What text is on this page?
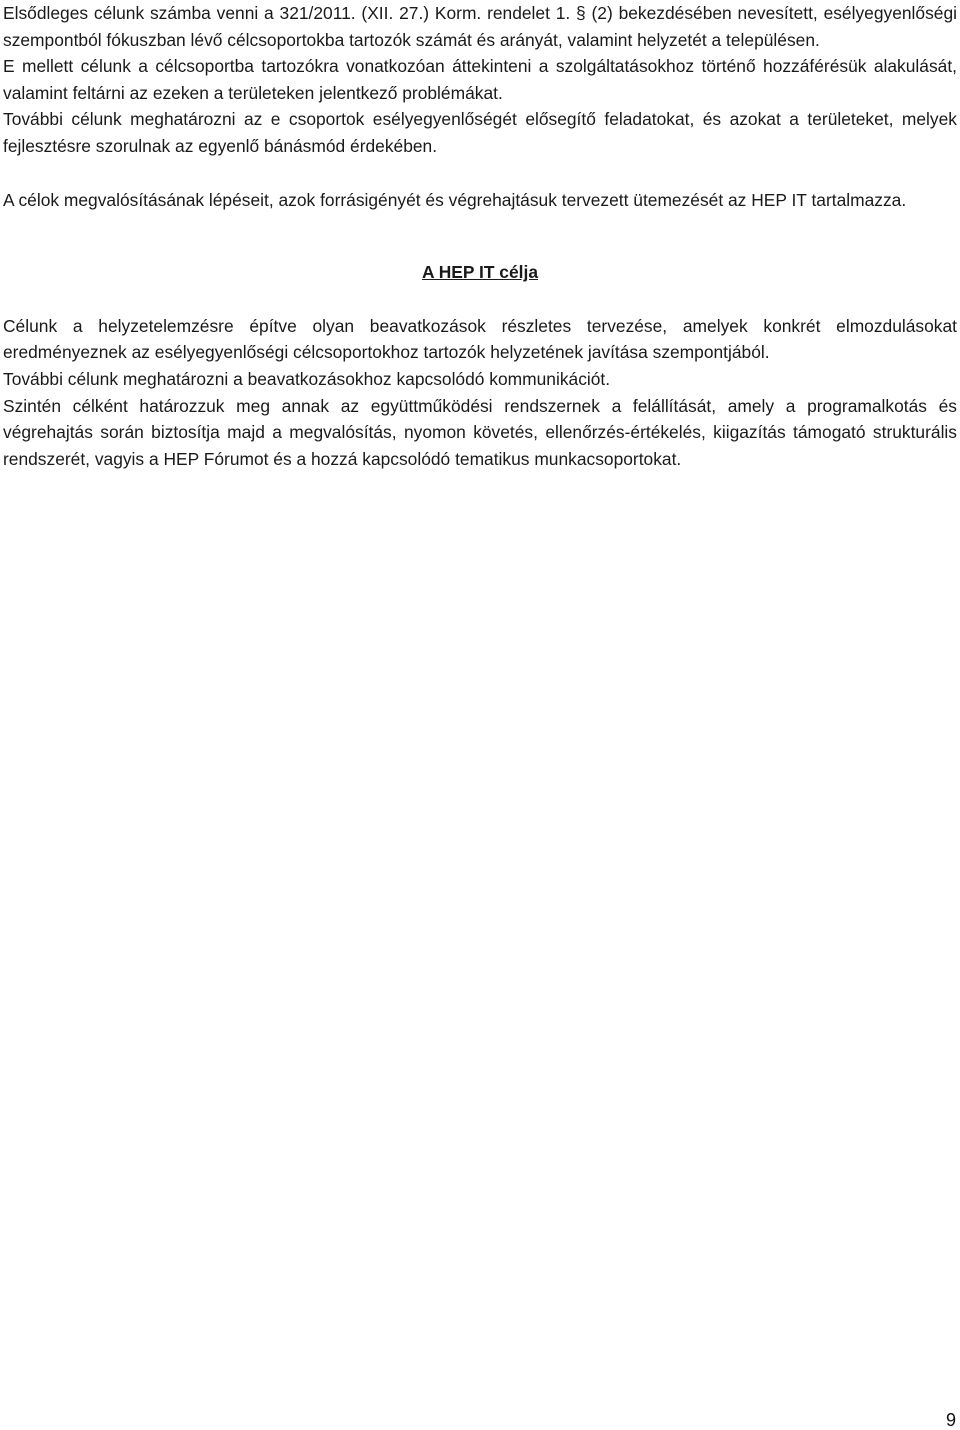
Elsődleges célunk számba venni a 321/2011. (XII. 27.) Korm. rendelet 1. § (2) bekezdésében nevesített, esélyegyenlőségi szempontból fókuszban lévő célcsoportokba tartozók számát és arányát, valamint helyzetét a településen.

E mellett célunk a célcsoportba tartozókra vonatkozóan áttekinteni a szolgáltatásokhoz történő hozzáférésük alakulását, valamint feltárni az ezeken a területeken jelentkező problémákat.

További célunk meghatározni az e csoportok esélyegyenlőségét elősegítő feladatokat, és azokat a területeket, melyek fejlesztésre szorulnak az egyenlő bánásmód érdekében.

A célok megvalósításának lépéseit, azok forrásigényét és végrehajtásuk tervezett ütemezését az HEP IT tartalmazza.

A HEP IT célja

Célunk a helyzetelemzésre építve olyan beavatkozások részletes tervezése, amelyek konkrét elmozdulásokat eredményeznek az esélyegyenlőségi célcsoportokhoz tartozók helyzetének javítása szempontjából.

További célunk meghatározni a beavatkozásokhoz kapcsolódó kommunikációt.

Szintén célként határozzuk meg annak az együttműködési rendszernek a felállítását, amely a programalkotás és végrehajtás során biztosítja majd a megvalósítás, nyomon követés, ellenőrzés-értékelés, kiigazítás támogató strukturális rendszerét, vagyis a HEP Fórumot és a hozzá kapcsolódó tematikus munkacsoportokat.

9
